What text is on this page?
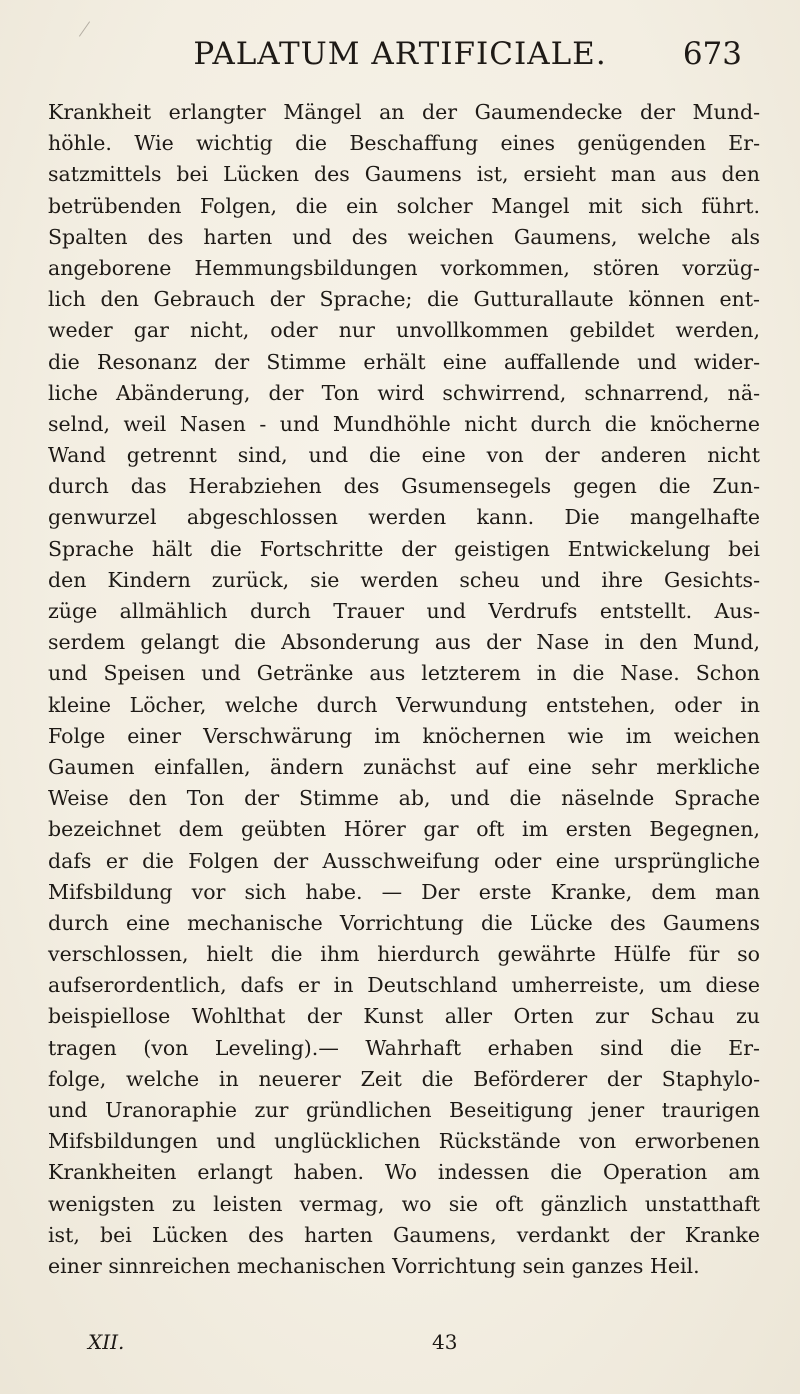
PALATUM ARTIFICIALE.	673
Krankheit erlangter Mängel an der Gaumendecke der Mund-
höhle. Wie wichtig die Beschaffung eines genügenden Er-
satzmittels bei Lücken des Gaumens ist, ersieht man aus den
betrübenden Folgen, die ein solcher Mangel mit sich führt.
Spalten des harten und des weichen Gaumens, welche als
angeborene Hemmungsbildungen vorkommen, stören vorzüg-
lich den Gebrauch der Sprache; die Gutturallaute können ent-
weder gar nicht, oder nur unvollkommen gebildet werden,
die Resonanz der Stimme erhält eine auffallende und wider-
liche Abänderung, der Ton wird schwirrend, schnarrend, nä-
selnd, weil Nasen - und Mundhöhle nicht durch die knöcherne
Wand getrennt sind, und die eine von der anderen nicht
durch das Herabziehen des Gsumensegels gegen die Zun-
genwurzel abgeschlossen werden kann. Die mangelhafte
Sprache hält die Fortschritte der geistigen Entwickelung bei
den Kindern zurück, sie werden scheu und ihre Gesichts-
züge allmählich durch Trauer und Verdrufs entstellt. Aus-
serdem gelangt die Absonderung aus der Nase in den Mund,
und Speisen und Getränke aus letzterem in die Nase. Schon
kleine Löcher, welche durch Verwundung entstehen, oder in
Folge einer Verschwärung im knöchernen wie im weichen
Gaumen einfallen, ändern zunächst auf eine sehr merkliche
Weise den Ton der Stimme ab, und die näselnde Sprache
bezeichnet dem geübten Hörer gar oft im ersten Begegnen,
dafs er die Folgen der Ausschweifung oder eine ursprüngliche
Mifsbildung vor sich habe. — Der erste Kranke, dem man
durch eine mechanische Vorrichtung die Lücke des Gaumens
verschlossen, hielt die ihm hierdurch gewährte Hülfe für so
aufserordentlich, dafs er in Deutschland umherreiste, um diese
beispiellose Wohlthat der Kunst aller Orten zur Schau zu
tragen (von Leveling).— Wahrhaft erhaben sind die Er-
folge, welche in neuerer Zeit die Beförderer der Staphylo-
und Uranoraphie zur gründlichen Beseitigung jener traurigen
Mifsbildungen und unglücklichen Rückstände von erworbenen
Krankheiten erlangt haben. Wo indessen die Operation am
wenigsten zu leisten vermag, wo sie oft gänzlich unstatthaft
ist, bei Lücken des harten Gaumens, verdankt der Kranke
einer sinnreichen mechanischen Vorrichtung sein ganzes Heil.
XII.	43
